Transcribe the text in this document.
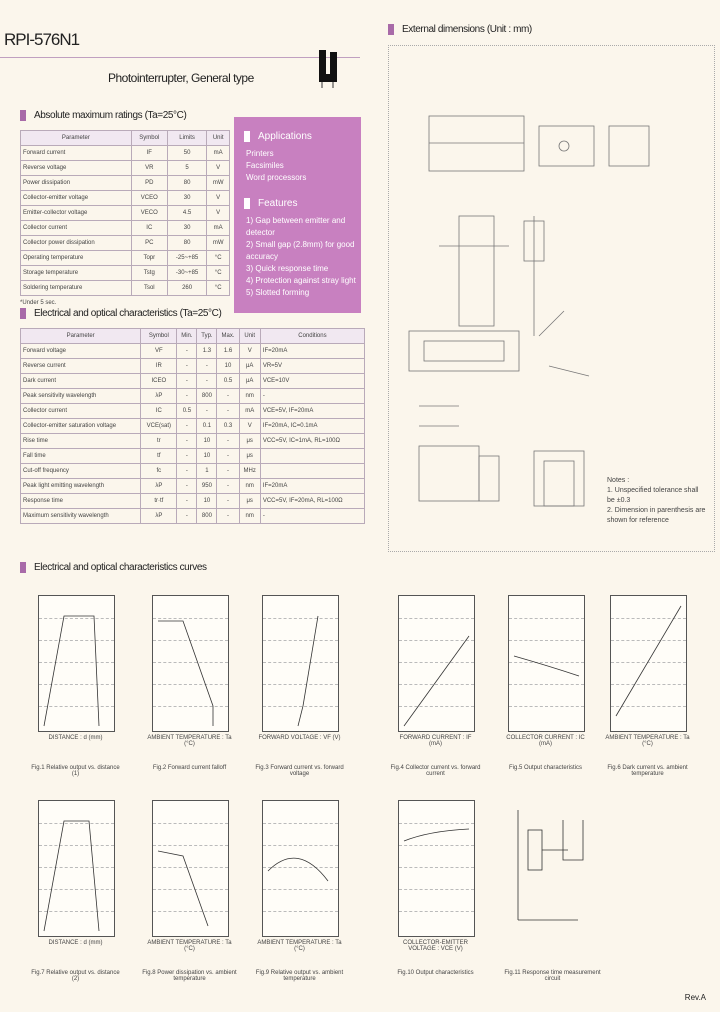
RPI-576N1
Photointerrupter, General type
Absolute maximum ratings (Ta=25°C)
Parameter	Symbol	Limits	Unit
Forward current	IF	50	mA
Reverse voltage	VR	5	V
Power dissipation	PD	80	mW
Collector-emitter voltage	VCEO	30	V
Emitter-collector voltage	VECO	4.5	V
Collector current	IC	30	mA
Collector power dissipation	PC	80	mW
Operating temperature	Topr	-25~+85	°C
Storage temperature	Tstg	-30~+85	°C
Soldering temperature	Tsol	260	°C
*Under 5 sec.
Applications
Printers
Facsimiles
Word processors
Features
1) Gap between emitter and detector
2) Small gap (2.8mm) for good accuracy
3) Quick response time
4) Protection against stray light
5) Slotted forming
Electrical and optical characteristics (Ta=25°C)
Parameter	Symbol	Min.	Typ.	Max.	Unit	Conditions
Forward voltage	VF	-	1.3	1.6	V	IF=20mA
Reverse current	IR	-	-	10	μA	VR=5V
Dark current	ICEO	-	-	0.5	μA	VCE=10V
Peak sensitivity wavelength	λP	-	800	-	nm	-
Collector current	IC	0.5	-	-	mA	VCE=5V, IF=20mA
Collector-emitter saturation voltage	VCE(sat)	-	0.1	0.3	V	IF=20mA, IC=0.1mA
Rise time	tr	-	10	-	μs	VCC=5V, IC=1mA, RL=100Ω
Fall time	tf	-	10	-	μs	
Cut-off frequency	fc	-	1	-	MHz	
Peak light emitting wavelength	λP	-	950	-	nm	IF=20mA
Response time	tr·tf	-	10	-	μs	VCC=5V, IF=20mA, RL=100Ω
Maximum sensitivity wavelength	λP	-	800	-	nm	-
External dimensions (Unit : mm)
Notes :
1. Unspecified tolerance shall be ±0.3
2. Dimension in parenthesis are shown for reference
Electrical and optical characteristics curves
DISTANCE : d (mm)
Fig.1 Relative output vs. distance (1)
AMBIENT TEMPERATURE : Ta (°C)
Fig.2 Forward current falloff
FORWARD VOLTAGE : VF (V)
Fig.3 Forward current vs. forward voltage
FORWARD CURRENT : IF (mA)
Fig.4 Collector current vs. forward current
COLLECTOR CURRENT : IC (mA)
Fig.5 Output characteristics
AMBIENT TEMPERATURE : Ta (°C)
Fig.6 Dark current vs. ambient temperature
DISTANCE : d (mm)
Fig.7 Relative output vs. distance (2)
AMBIENT TEMPERATURE : Ta (°C)
Fig.8 Power dissipation vs. ambient temperature
AMBIENT TEMPERATURE : Ta (°C)
Fig.9 Relative output vs. ambient temperature
COLLECTOR-EMITTER VOLTAGE : VCE (V)
Fig.10 Output characteristics	Fig.11 Response time measurement circuit
Rev.A
